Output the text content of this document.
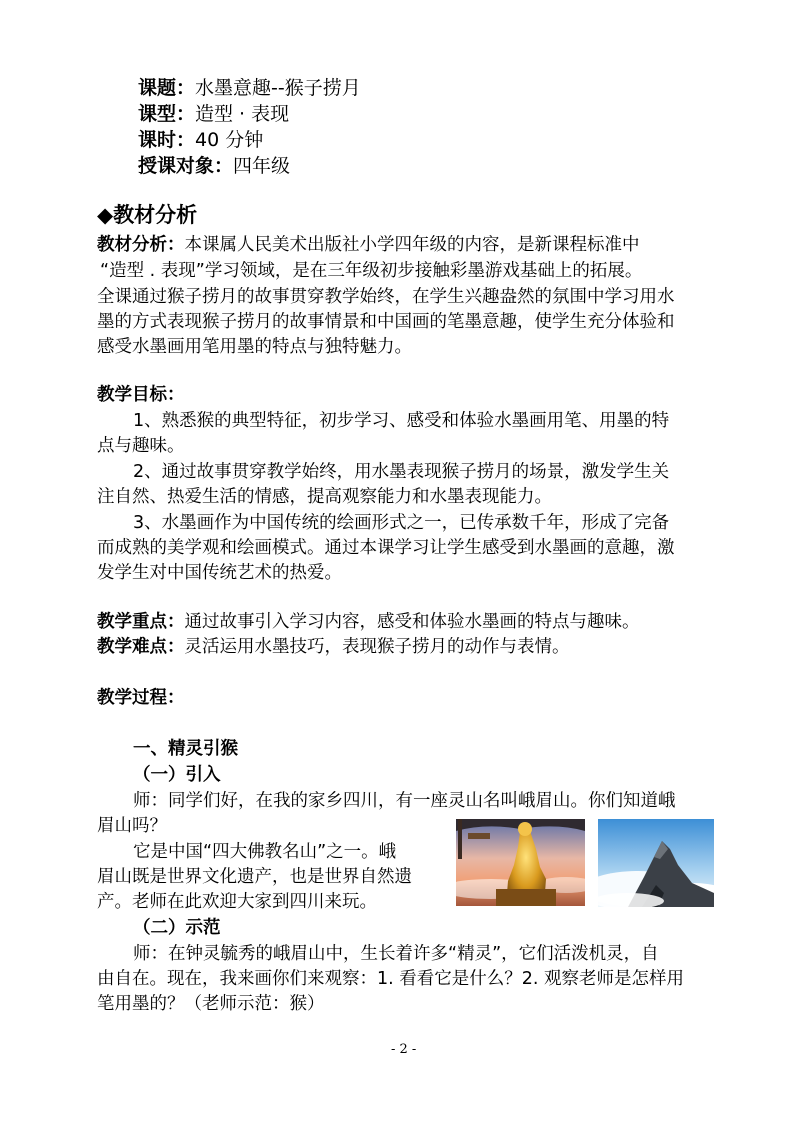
课题：水墨意趣--猴子捞月
课型：造型 · 表现
课时：40 分钟
授课对象：四年级
◆教材分析
教材分析：本课属人民美术出版社小学四年级的内容，是新课程标准中
“造型 . 表现”学习领域，是在三年级初步接触彩墨游戏基础上的拓展。
全课通过猴子捞月的故事贯穿教学始终，在学生兴趣盎然的氛围中学习用水
墨的方式表现猴子捞月的故事情景和中国画的笔墨意趣，使学生充分体验和
感受水墨画用笔用墨的特点与独特魅力。
教学目标：
1、熟悉猴的典型特征，初步学习、感受和体验水墨画用笔、用墨的特
点与趣味。
2、通过故事贯穿教学始终，用水墨表现猴子捞月的场景，激发学生关
注自然、热爱生活的情感，提高观察能力和水墨表现能力。
3、水墨画作为中国传统的绘画形式之一，已传承数千年，形成了完备
而成熟的美学观和绘画模式。通过本课学习让学生感受到水墨画的意趣，激
发学生对中国传统艺术的热爱。
教学重点：通过故事引入学习内容，感受和体验水墨画的特点与趣味。
教学难点：灵活运用水墨技巧，表现猴子捞月的动作与表情。
教学过程：
一、精灵引猴
（一）引入
师：同学们好，在我的家乡四川，有一座灵山名叫峨眉山。你们知道峨
眉山吗？
它是中国“四大佛教名山”之一。峨
眉山既是世界文化遗产，也是世界自然遗
产。老师在此欢迎大家到四川来玩。
（二）示范
师：在钟灵毓秀的峨眉山中，生长着许多“精灵”，它们活泼机灵，自
由自在。现在，我来画你们来观察：1. 看看它是什么？2. 观察老师是怎样用
笔用墨的？（老师示范：猴）
- 2 -
